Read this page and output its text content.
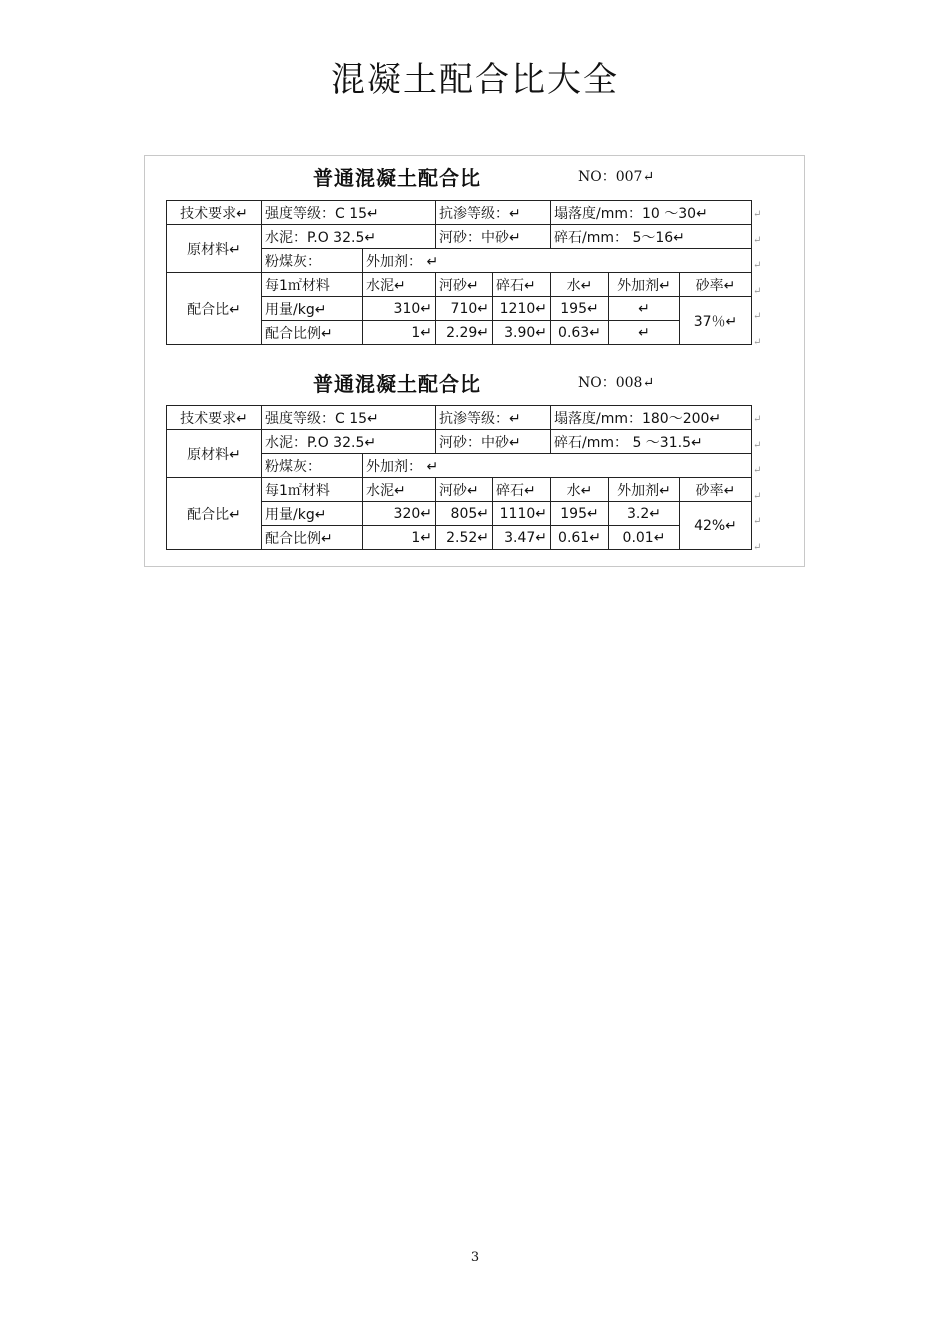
混凝土配合比大全
普通混凝土配合比	NO：007↵
技术要求↵	强度等级：C 15↵		抗渗等级：↵		塌落度/mm：10 ～30↵		
原材料↵	水泥：P.O 32.5↵		河砂：中砂↵		碎石/mm： 5～16↵		
	粉煤灰：	外加剂： ↵					
配合比↵	每1㎡材料	水泥↵	河砂↵	碎石↵	水↵	外加剂↵	砂率↵
	用量/kg↵	310↵	710↵	1210↵	195↵	↵	37％↵
	配合比例↵	1↵	2.29↵	3.90↵	0.63↵	↵	
↵
↵
↵
↵
↵
↵
普通混凝土配合比	NO：008↵
技术要求↵	强度等级：C 15↵		抗渗等级：↵		塌落度/mm：180～200↵		
原材料↵	水泥：P.O 32.5↵		河砂：中砂↵		碎石/mm： 5 ～31.5↵		
	粉煤灰：	外加剂： ↵					
配合比↵	每1㎡材料	水泥↵	河砂↵	碎石↵	水↵	外加剂↵	砂率↵
	用量/kg↵	320↵	805↵	1110↵	195↵	3.2↵	42%↵
	配合比例↵	1↵	2.52↵	3.47↵	0.61↵	0.01↵	
↵
↵
↵
↵
↵
↵
3
